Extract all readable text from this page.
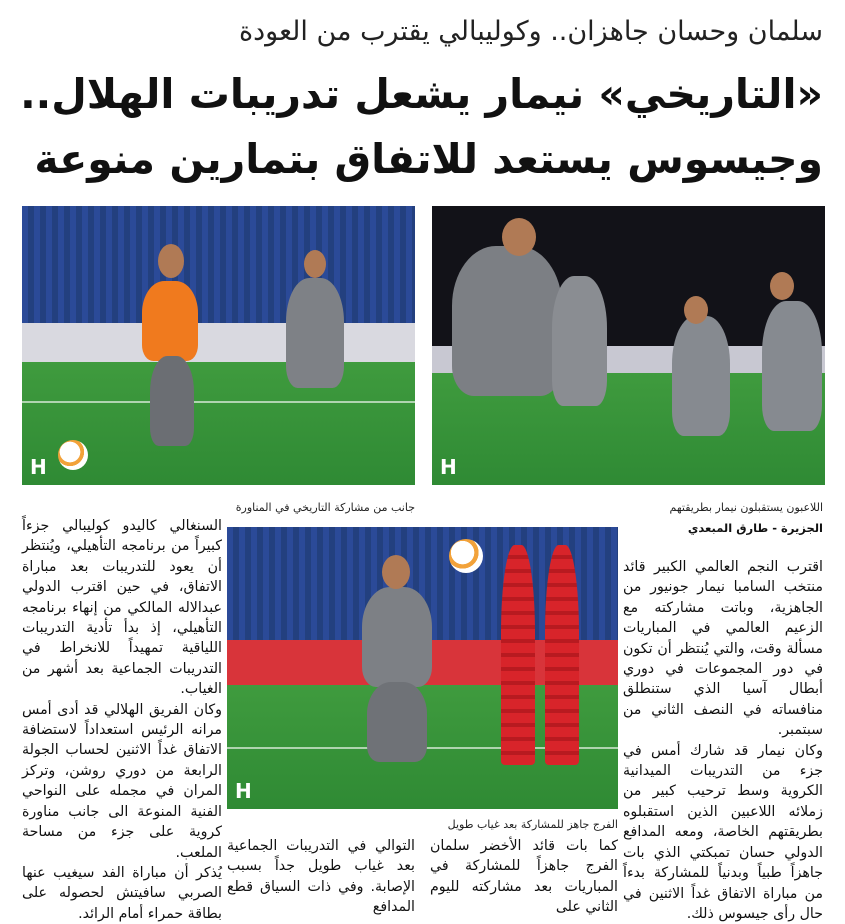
سلمان وحسان جاهزان.. وكوليبالي يقترب من العودة
«التاريخي» نيمار يشعل تدريبات الهلال..
وجيسوس يستعد للاتفاق بتمارين منوعة
H
H
اللاعبون يستقبلون نيمار بطريقتهم
جانب من مشاركة التاريخي في المناورة
الجزيرة - طارق المبعدي
H
الفرج جاهز للمشاركة بعد غياب طويل

اقترب النجم العالمي الكبير قائد منتخب السامبا نيمار جونيور من الجاهزية، وباتت مشاركته مع الزعيم العالمي في المباريات مسألة وقت، والتي يُنتظر أن تكون في دور المجموعات في دوري أبطال آسيا الذي ستنطلق منافساته في النصف الثاني من سبتمبر.

وكان نيمار قد شارك أمس في جزء من التدريبات الميدانية الكروية وسط ترحيب كبير من زملائه اللاعبين الذين استقبلوه بطريقتهم الخاصة، ومعه المدافع الدولي حسان تمبكتي الذي بات جاهزاً طبياً وبدنياً للمشاركة بدءاً من مباراة الاتفاق غداً الاثنين في حال رأى جيسوس ذلك.

كما بات قائد الأخضر سلمان الفرج جاهزاً للمشاركة في المباريات بعد مشاركته لليوم الثاني على
التوالي في التدريبات الجماعية بعد غياب طويل جداً بسبب الإصابة. وفي ذات السياق قطع المدافع

السنغالي كاليدو كوليبالي جزءاً كبيراً من برنامجه التأهيلي، ويُنتظر أن يعود للتدريبات بعد مباراة الاتفاق، في حين اقترب الدولي عبدالاله المالكي من إنهاء برنامجه التأهيلي، إذ بدأ تأدية التدريبات اللياقية تمهيداً للانخراط في التدريبات الجماعية بعد أشهر من الغياب.

وكان الفريق الهلالي قد أدى أمس مرانه الرئيس استعداداً لاستضافة الاتفاق غداً الاثنين لحساب الجولة الرابعة من دوري روشن، وتركز المران في مجمله على النواحي الفنية المنوعة الى جانب مناورة كروية على جزء من مساحة الملعب.

يُذكر أن مباراة الفد سيغيب عنها الصربي سافيتش لحصوله على بطاقة حمراء أمام الرائد.
